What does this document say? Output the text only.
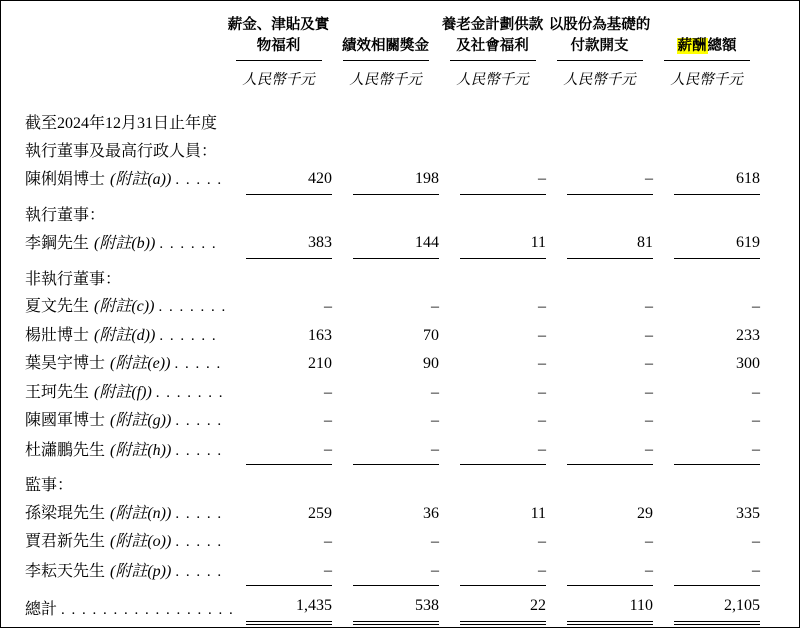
薪金、津貼及實
物福利
人民幣千元
績效相關獎金
人民幣千元
養老金計劃供款
及社會福利
人民幣千元
以股份為基礎的
付款開支
人民幣千元
薪酬總額
人民幣千元
截至2024年12月31日止年度
執行董事及最高行政人員：
陳俐娟博士 (附註(a)) . . . . .	420	198	–	–	618
執行董事：
李鋼先生 (附註(b)) . . . . . .	383	144	11	81	619
非執行董事：
夏文先生 (附註(c)) . . . . . . .	–	–	–	–	–
楊壯博士 (附註(d)) . . . . . .	163	70	–	–	233
葉昊宇博士 (附註(e)) . . . . .	210	90	–	–	300
王珂先生 (附註(f)) . . . . . . .	–	–	–	–	–
陳國軍博士 (附註(g)) . . . . .	–	–	–	–	–
杜瀟鵬先生 (附註(h)) . . . . .	–	–	–	–	–
監事：
孫梁琨先生 (附註(n)) . . . . .	259	36	11	29	335
賈君新先生 (附註(o)) . . . . .	–	–	–	–	–
李耘天先生 (附註(p)) . . . . .	–	–	–	–	–
總計 . . . . . . . . . . . . . . . . .	1,435	538	22	110	2,105
